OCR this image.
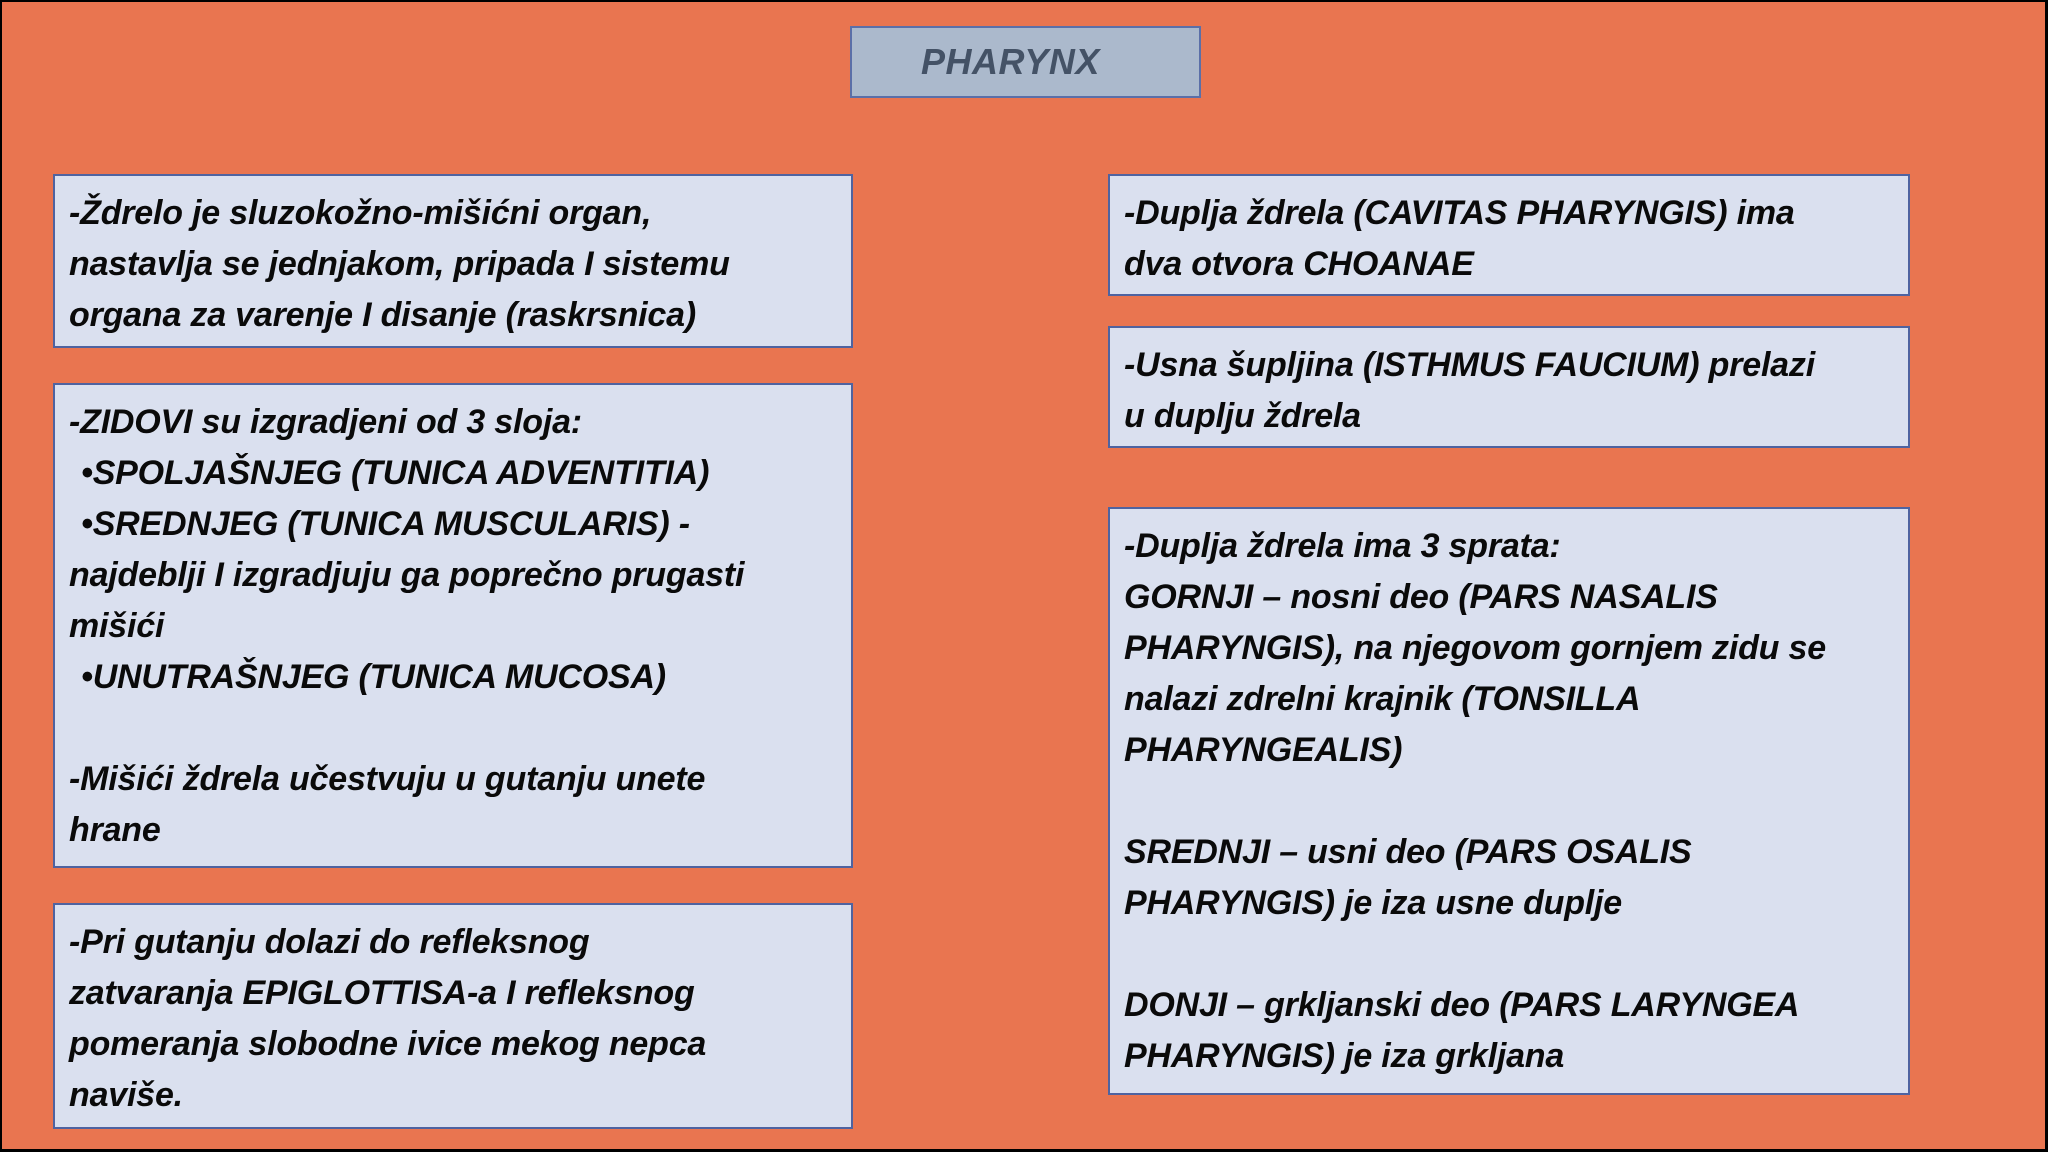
PHARYNX

-Ždrelo je sluzokožno-mišićni organ,

nastavlja se jednjakom, pripada I sistemu

organa za varenje I disanje (raskrsnica)

-ZIDOVI su izgradjeni od 3 sloja:

•SPOLJAŠNJEG (TUNICA ADVENTITIA)

•SREDNJEG (TUNICA MUSCULARIS) -

najdeblji I izgradjuju ga poprečno prugasti

mišići

•UNUTRAŠNJEG (TUNICA MUCOSA)

-Mišići ždrela učestvuju u gutanju unete

hrane

-Pri gutanju dolazi do refleksnog

zatvaranja EPIGLOTTISA-a I refleksnog

pomeranja slobodne ivice mekog nepca

naviše.

-Duplja ždrela (CAVITAS PHARYNGIS) ima

dva otvora CHOANAE

-Usna šupljina (ISTHMUS FAUCIUM) prelazi

u duplju ždrela

-Duplja ždrela ima 3 sprata:

GORNJI – nosni deo (PARS NASALIS

PHARYNGIS), na njegovom gornjem zidu se

nalazi zdrelni krajnik (TONSILLA

PHARYNGEALIS)

SREDNJI – usni deo (PARS OSALIS

PHARYNGIS) je iza usne duplje

DONJI – grkljanski deo (PARS LARYNGEA

PHARYNGIS) je iza grkljana
